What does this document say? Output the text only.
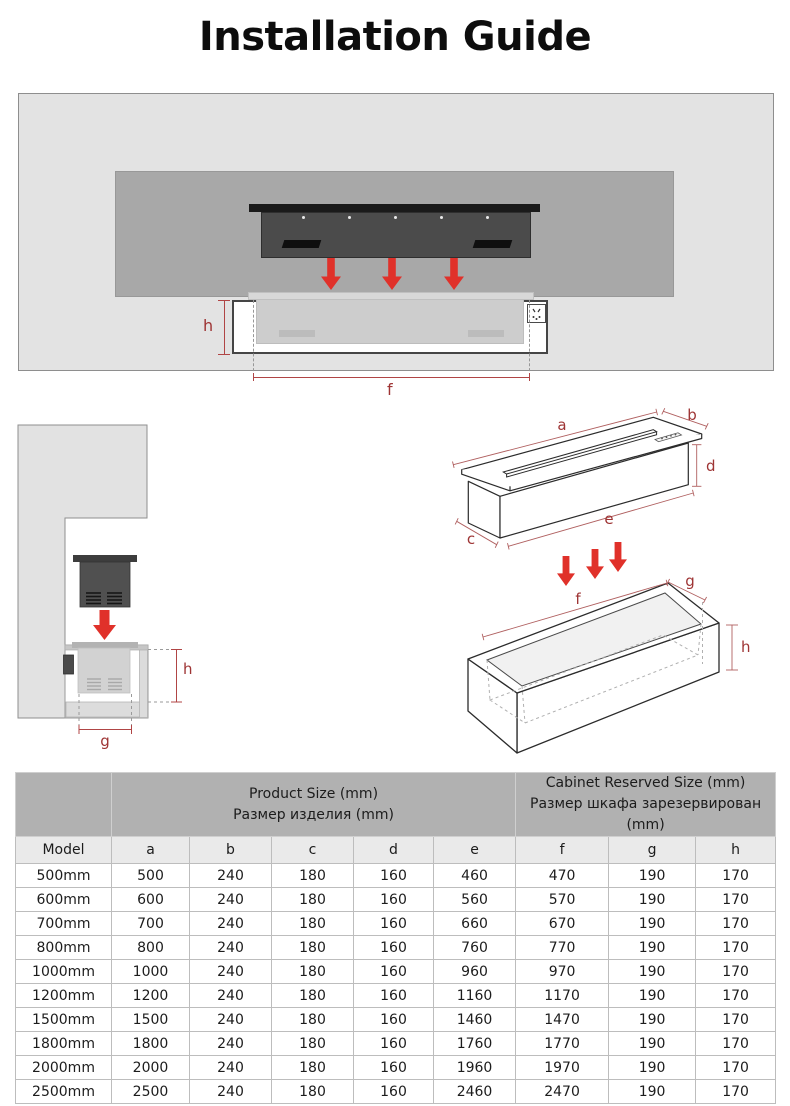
Installation Guide
h
f
h
g
a
b
d
e
c
f
g
h

Product Size (mm)
Размер изделия (mm)

Cabinet Reserved Size (mm)
Размер шкафа зарезервирован (mm)

Model	a	b	c	d	e	f	g	h
500mm	500	240	180	160	460	470	190	170
600mm	600	240	180	160	560	570	190	170
700mm	700	240	180	160	660	670	190	170
800mm	800	240	180	160	760	770	190	170
1000mm	1000	240	180	160	960	970	190	170
1200mm	1200	240	180	160	1160	1170	190	170
1500mm	1500	240	180	160	1460	1470	190	170
1800mm	1800	240	180	160	1760	1770	190	170
2000mm	2000	240	180	160	1960	1970	190	170
2500mm	2500	240	180	160	2460	2470	190	170
